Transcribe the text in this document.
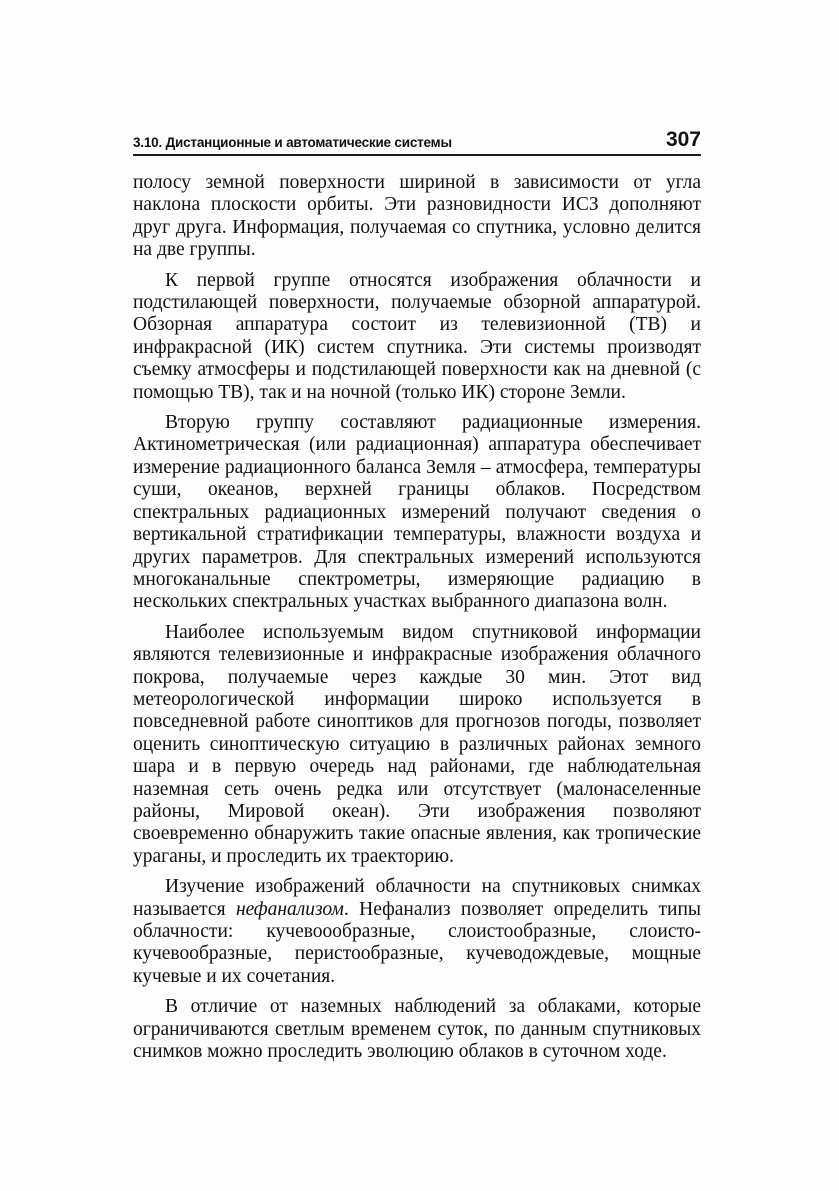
3.10. Дистанционные и автоматические системы	307

полосу земной поверхности шириной в зависимости от угла наклона плоскости орбиты. Эти разновидности ИСЗ дополняют друг друга. Информация, получаемая со спутника, условно делится на две группы.

К первой группе относятся изображения облачности и подстилающей поверхности, получаемые обзорной аппаратурой. Обзорная аппаратура состоит из телевизионной (ТВ) и инфракрасной (ИК) систем спутника. Эти системы производят съемку атмосферы и подстилающей поверхности как на дневной (с помощью ТВ), так и на ночной (только ИК) стороне Земли.

Вторую группу составляют радиационные измерения. Актинометрическая (или радиационная) аппаратура обеспечивает измерение радиационного баланса Земля – атмосфера, температуры суши, океанов, верхней границы облаков. Посредством спектральных радиационных измерений получают сведения о вертикальной стратификации температуры, влажности воздуха и других параметров. Для спектральных измерений используются многоканальные спектрометры, измеряющие радиацию в нескольких спектральных участках выбранного диапазона волн.

Наиболее используемым видом спутниковой информации являются телевизионные и инфракрасные изображения облачного покрова, получаемые через каждые 30 мин. Этот вид метеорологической информации широко используется в повседневной работе синоптиков для прогнозов погоды, позволяет оценить синоптическую ситуацию в различных районах земного шара и в первую очередь над районами, где наблюдательная наземная сеть очень редка или отсутствует (малонаселенные районы, Мировой океан). Эти изображения позволяют своевременно обнаружить такие опасные явления, как тропические ураганы, и проследить их траекторию.

Изучение изображений облачности на спутниковых снимках называется нефанализом. Нефанализ позволяет определить типы облачности: кучевоообразные, слоистообразные, слоисто-кучевообразные, перистообразные, кучеводождевые, мощные кучевые и их сочетания.

В отличие от наземных наблюдений за облаками, которые ограничиваются светлым временем суток, по данным спутниковых снимков можно проследить эволюцию облаков в суточном ходе.
